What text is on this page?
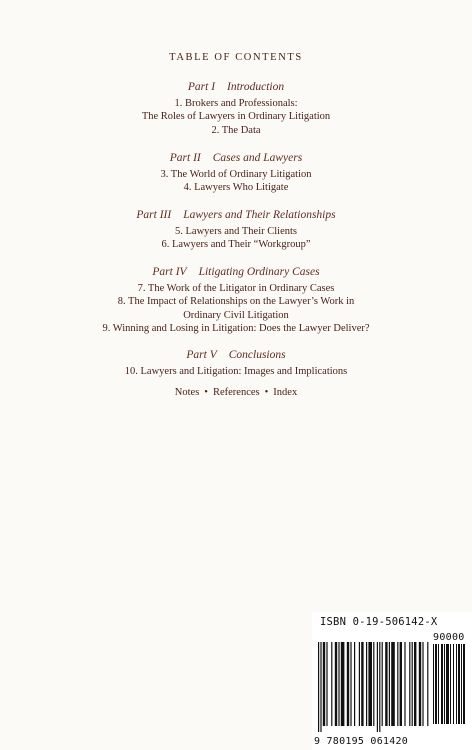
TABLE OF CONTENTS
Part I Introduction
1. Brokers and Professionals:
The Roles of Lawyers in Ordinary Litigation
2. The Data
Part II Cases and Lawyers
3. The World of Ordinary Litigation
4. Lawyers Who Litigate
Part III Lawyers and Their Relationships
5. Lawyers and Their Clients
6. Lawyers and Their “Workgroup”
Part IV Litigating Ordinary Cases
7. The Work of the Litigator in Ordinary Cases
8. The Impact of Relationships on the Lawyer’s Work in
Ordinary Civil Litigation
9. Winning and Losing in Litigation: Does the Lawyer Deliver?
Part V Conclusions
10. Lawyers and Litigation: Images and Implications
Notes • References • Index
ISBN 0-19-506142-X
90000
9 780195 061420
